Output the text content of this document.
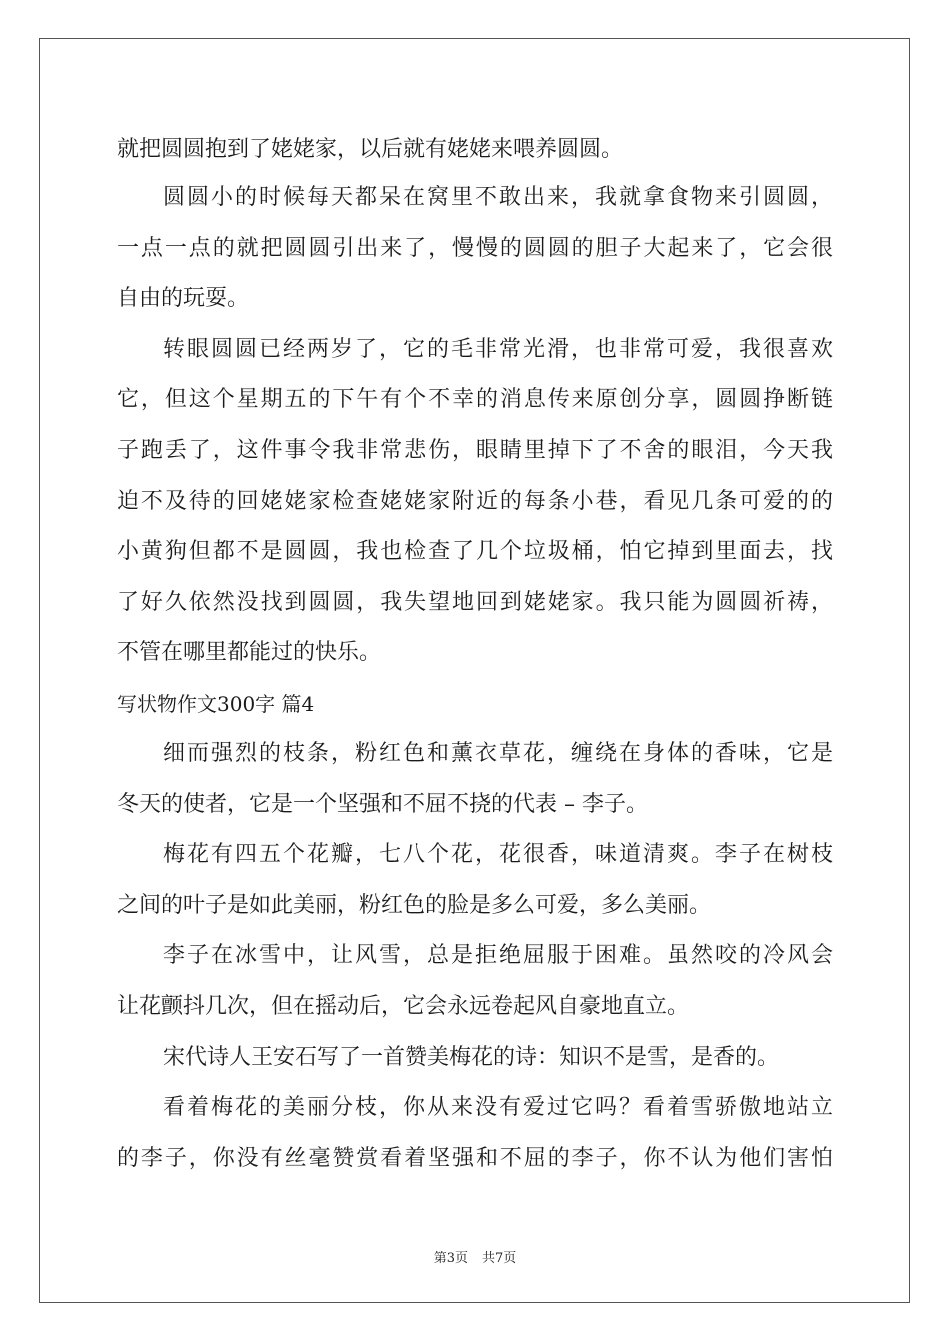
就把圆圆抱到了姥姥家，以后就有姥姥来喂养圆圆。
圆圆小的时候每天都呆在窝里不敢出来，我就拿食物来引圆圆，
一点一点的就把圆圆引出来了，慢慢的圆圆的胆子大起来了，它会很
自由的玩耍。
转眼圆圆已经两岁了，它的毛非常光滑，也非常可爱，我很喜欢
它，但这个星期五的下午有个不幸的消息传来原创分享，圆圆挣断链
子跑丢了，这件事令我非常悲伤，眼睛里掉下了不舍的眼泪，今天我
迫不及待的回姥姥家检查姥姥家附近的每条小巷，看见几条可爱的的
小黄狗但都不是圆圆，我也检查了几个垃圾桶，怕它掉到里面去，找
了好久依然没找到圆圆，我失望地回到姥姥家。我只能为圆圆祈祷，
不管在哪里都能过的快乐。
写状物作文300字 篇4
细而强烈的枝条，粉红色和薰衣草花，缠绕在身体的香味，它是
冬天的使者，它是一个坚强和不屈不挠的代表 – 李子。
梅花有四五个花瓣，七八个花，花很香，味道清爽。李子在树枝
之间的叶子是如此美丽，粉红色的脸是多么可爱，多么美丽。
李子在冰雪中，让风雪，总是拒绝屈服于困难。虽然咬的冷风会
让花颤抖几次，但在摇动后，它会永远卷起风自豪地直立。
宋代诗人王安石写了一首赞美梅花的诗：知识不是雪，是香的。
看着梅花的美丽分枝，你从来没有爱过它吗？看着雪骄傲地站立
的李子，你没有丝毫赞赏看着坚强和不屈的李子，你不认为他们害怕
第3页 共7页
